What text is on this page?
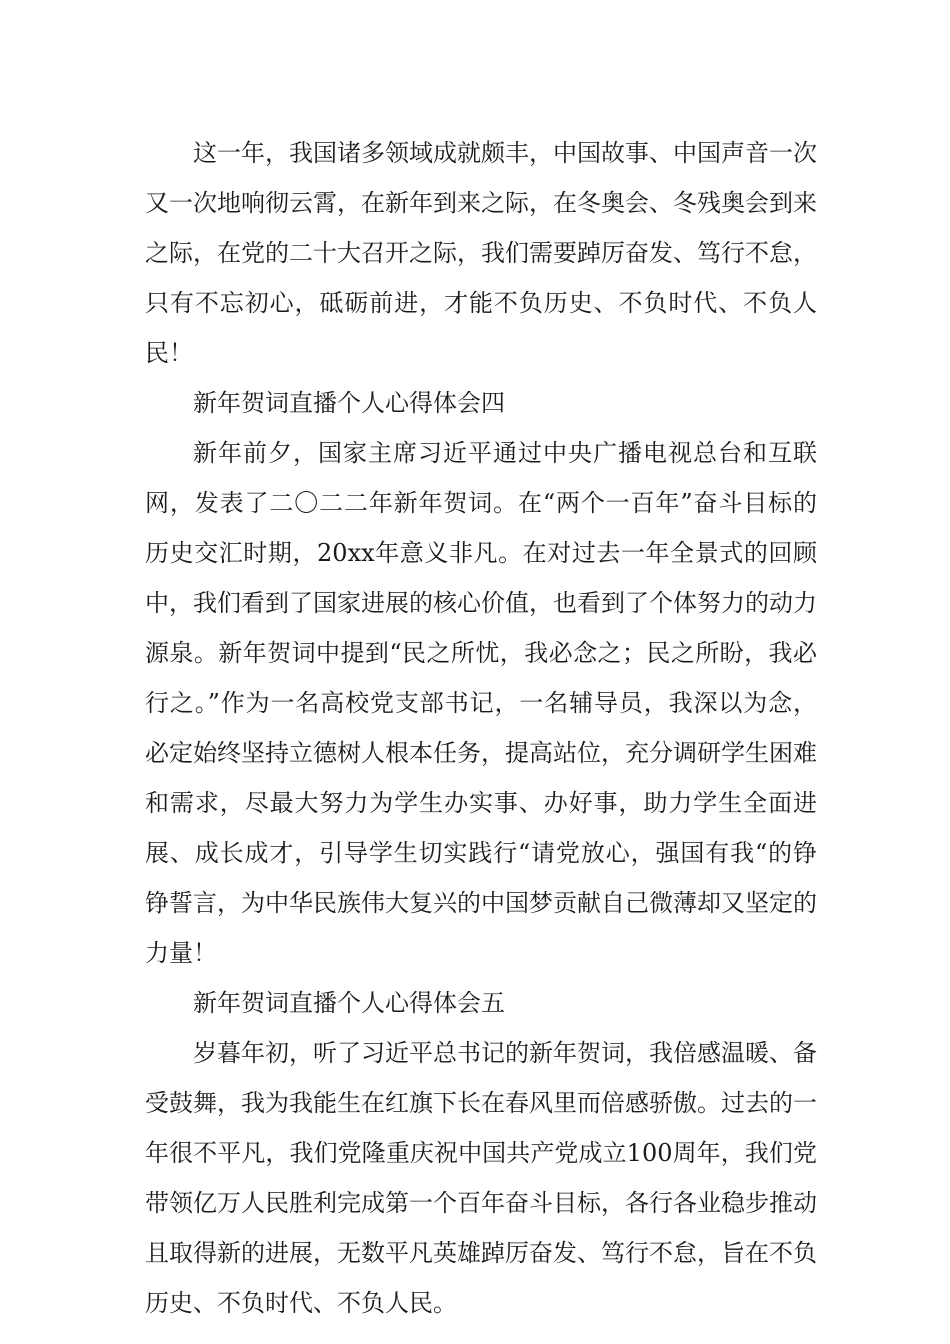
这一年，我国诸多领域成就颇丰，中国故事、中国声音一次又一次地响彻云霄，在新年到来之际，在冬奥会、冬残奥会到来之际，在党的二十大召开之际，我们需要踔厉奋发、笃行不怠，只有不忘初心，砥砺前进，才能不负历史、不负时代、不负人民！

新年贺词直播个人心得体会四

新年前夕，国家主席习近平通过中央广播电视总台和互联网，发表了二〇二二年新年贺词。在“两个一百年”奋斗目标的历史交汇时期，20xx年意义非凡。在对过去一年全景式的回顾中，我们看到了国家进展的核心价值，也看到了个体努力的动力源泉。新年贺词中提到“民之所忧，我必念之；民之所盼，我必行之。”作为一名高校党支部书记，一名辅导员，我深以为念，必定始终坚持立德树人根本任务，提高站位，充分调研学生困难和需求，尽最大努力为学生办实事、办好事，助力学生全面进展、成长成才，引导学生切实践行“请党放心，强国有我“的铮铮誓言，为中华民族伟大复兴的中国梦贡献自己微薄却又坚定的力量！

新年贺词直播个人心得体会五

岁暮年初，听了习近平总书记的新年贺词，我倍感温暖、备受鼓舞，我为我能生在红旗下长在春风里而倍感骄傲。过去的一年很不平凡，我们党隆重庆祝中国共产党成立100周年，我们党带领亿万人民胜利完成第一个百年奋斗目标，各行各业稳步推动且取得新的进展，无数平凡英雄踔厉奋发、笃行不怠，旨在不负历史、不负时代、不负人民。
